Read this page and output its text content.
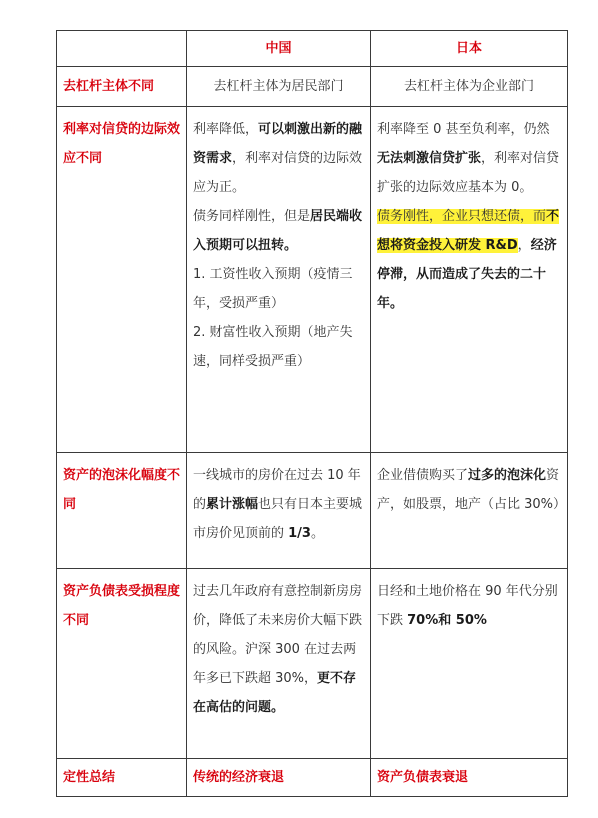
	中国	日本
去杠杆主体不同	去杠杆主体为居民部门	去杠杆主体为企业部门
利率对信贷的边际效应不同	利率降低，可以刺激出新的融资需求，利率对信贷的边际效应为正。
债务同样刚性，但是居民端收入预期可以扭转。
1. 工资性收入预期（疫情三年，受损严重）
2. 财富性收入预期（地产失速，同样受损严重）	利率降至 0 甚至负利率，仍然无法刺激信贷扩张，利率对信贷扩张的边际效应基本为 0。
债务刚性，企业只想还债，而不想将资金投入研发 R&D，经济停滞，从而造成了失去的二十年。

资产的泡沫化幅度不同	一线城市的房价在过去 10 年的累计涨幅也只有日本主要城市房价见顶前的 1/3。	企业借债购买了过多的泡沫化资产，如股票，地产（占比 30%）
资产负债表受损程度不同	过去几年政府有意控制新房房价，降低了未来房价大幅下跌的风险。沪深 300 在过去两年多已下跌超 30%，更不存在高估的问题。	日经和土地价格在 90 年代分别下跌 70%和 50%
定性总结	传统的经济衰退	资产负债表衰退
